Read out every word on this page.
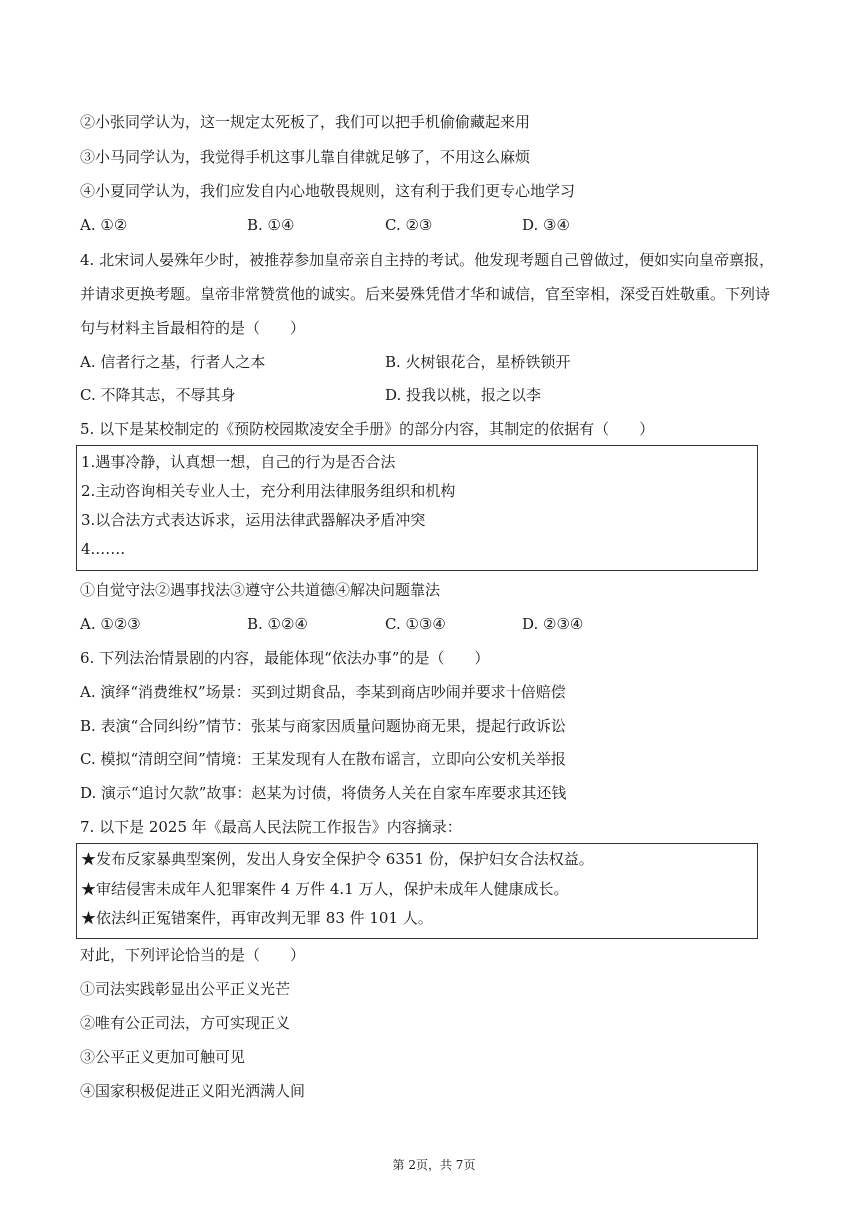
②小张同学认为，这一规定太死板了，我们可以把手机偷偷藏起来用
③小马同学认为，我觉得手机这事儿靠自律就足够了，不用这么麻烦
④小夏同学认为，我们应发自内心地敬畏规则，这有利于我们更专心地学习
A. ①②	B. ①④	C. ②③	D. ③④
4. 北宋词人晏殊年少时，被推荐参加皇帝亲自主持的考试。他发现考题自己曾做过，便如实向皇帝禀报，
并请求更换考题。皇帝非常赞赏他的诚实。后来晏殊凭借才华和诚信，官至宰相，深受百姓敬重。下列诗
句与材料主旨最相符的是（　　）
A. 信者行之基，行者人之本	B. 火树银花合，星桥铁锁开
C. 不降其志，不辱其身	D. 投我以桃，报之以李
5. 以下是某校制定的《预防校园欺凌安全手册》的部分内容，其制定的依据有（　　）
1.遇事冷静，认真想一想，自己的行为是否合法
2.主动咨询相关专业人士，充分利用法律服务组织和机构
3.以合法方式表达诉求，运用法律武器解决矛盾冲突
4.……
①自觉守法②遇事找法③遵守公共道德④解决问题靠法
A. ①②③	B. ①②④	C. ①③④	D. ②③④
6. 下列法治情景剧的内容，最能体现“依法办事”的是（　　）
A. 演绎“消费维权”场景：买到过期食品，李某到商店吵闹并要求十倍赔偿
B. 表演“合同纠纷”情节：张某与商家因质量问题协商无果，提起行政诉讼
C. 模拟“清朗空间”情境：王某发现有人在散布谣言，立即向公安机关举报
D. 演示“追讨欠款”故事：赵某为讨债，将债务人关在自家车库要求其还钱
7. 以下是 2025 年《最高人民法院工作报告》内容摘录：
★发布反家暴典型案例，发出人身安全保护令 6351 份，保护妇女合法权益。
★审结侵害未成年人犯罪案件 4 万件 4.1 万人，保护未成年人健康成长。
★依法纠正冤错案件，再审改判无罪 83 件 101 人。
对此，下列评论恰当的是（　　）
①司法实践彰显出公平正义光芒
②唯有公正司法，方可实现正义
③公平正义更加可触可见
④国家积极促进正义阳光洒满人间
第 2页，共 7页
